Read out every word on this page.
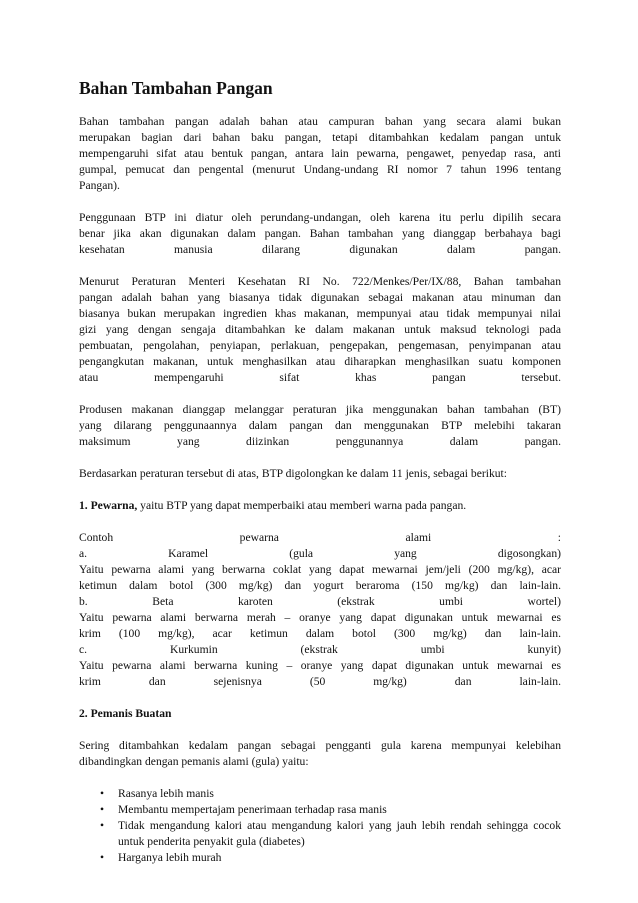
Bahan Tambahan Pangan
Bahan tambahan pangan adalah bahan atau campuran bahan yang secara alami bukan
merupakan bagian dari bahan baku pangan, tetapi ditambahkan kedalam pangan untuk
mempengaruhi sifat atau bentuk pangan, antara lain pewarna, pengawet, penyedap rasa, anti
gumpal, pemucat dan pengental (menurut Undang-undang RI nomor 7 tahun 1996 tentang
Pangan).
Penggunaan BTP ini diatur oleh perundang-undangan, oleh karena itu perlu dipilih secara
benar jika akan digunakan dalam pangan. Bahan tambahan yang dianggap berbahaya bagi
kesehatan manusia dilarang digunakan dalam pangan.
Menurut Peraturan Menteri Kesehatan RI No. 722/Menkes/Per/IX/88, Bahan tambahan
pangan adalah bahan yang biasanya tidak digunakan sebagai makanan atau minuman dan
biasanya bukan merupakan ingredien khas makanan, mempunyai atau tidak mempunyai nilai
gizi yang dengan sengaja ditambahkan ke dalam makanan untuk maksud teknologi pada
pembuatan, pengolahan, penyiapan, perlakuan, pengepakan, pengemasan, penyimpanan atau
pengangkutan makanan, untuk menghasilkan atau diharapkan menghasilkan suatu komponen
atau mempengaruhi sifat khas pangan tersebut.
Produsen makanan dianggap melanggar peraturan jika menggunakan bahan tambahan (BT)
yang dilarang penggunaannya dalam pangan dan menggunakan BTP melebihi takaran
maksimum yang diizinkan penggunannya dalam pangan.

Berdasarkan peraturan tersebut di atas, BTP digolongkan ke dalam 11 jenis, sebagai berikut:

1. Pewarna, yaitu BTP yang dapat memperbaiki atau memberi warna pada pangan.
Contoh pewarna alami :
a. Karamel (gula yang digosongkan)
Yaitu pewarna alami yang berwarna coklat yang dapat mewarnai jem/jeli (200 mg/kg), acar
ketimun dalam botol (300 mg/kg) dan yogurt beraroma (150 mg/kg) dan lain-lain.
b. Beta karoten (ekstrak umbi wortel)
Yaitu pewarna alami berwarna merah – oranye yang dapat digunakan untuk mewarnai es
krim (100 mg/kg), acar ketimun dalam botol (300 mg/kg) dan lain-lain.
c. Kurkumin (ekstrak umbi kunyit)
Yaitu pewarna alami berwarna kuning – oranye yang dapat digunakan untuk mewarnai es
krim dan sejenisnya (50 mg/kg) dan lain-lain.
2. Pemanis Buatan
Sering ditambahkan kedalam pangan sebagai pengganti gula karena mempunyai kelebihan
dibandingkan dengan pemanis alami (gula) yaitu:
•	Rasanya lebih manis
•	Membantu mempertajam penerimaan terhadap rasa manis
•	Tidak mengandung kalori atau mengandung kalori yang jauh lebih rendah sehingga cocok untuk penderita penyakit gula (diabetes)
•	Harganya lebih murah
